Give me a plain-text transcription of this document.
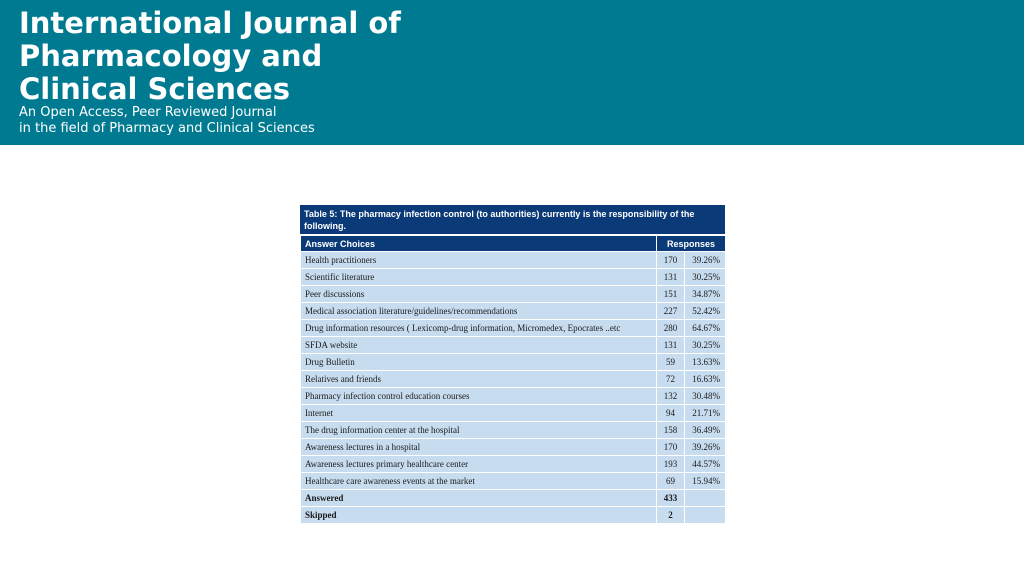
International Journal of
Pharmacology and
Clinical Sciences

An Open Access, Peer Reviewed Journal
in the field of Pharmacy and Clinical Sciences

Table 5: The pharmacy infection control (to authorities) currently is the responsibility of the following.
Answer Choices	Responses	
Health practitioners	170	39.26%
Scientific literature	131	30.25%
Peer discussions	151	34.87%
Medical association literature/guidelines/recommendations	227	52.42%
Drug information resources ( Lexicomp-drug information, Micromedex, Epocrates ..etc	280	64.67%
SFDA website	131	30.25%
Drug Bulletin	59	13.63%
Relatives and friends	72	16.63%
Pharmacy infection control education courses	132	30.48%
Internet	94	21.71%
The drug information center at the hospital	158	36.49%
Awareness lectures in a hospital	170	39.26%
Awareness lectures primary healthcare center	193	44.57%
Healthcare care awareness events at the market	69	15.94%
Answered	433	
Skipped	2	
